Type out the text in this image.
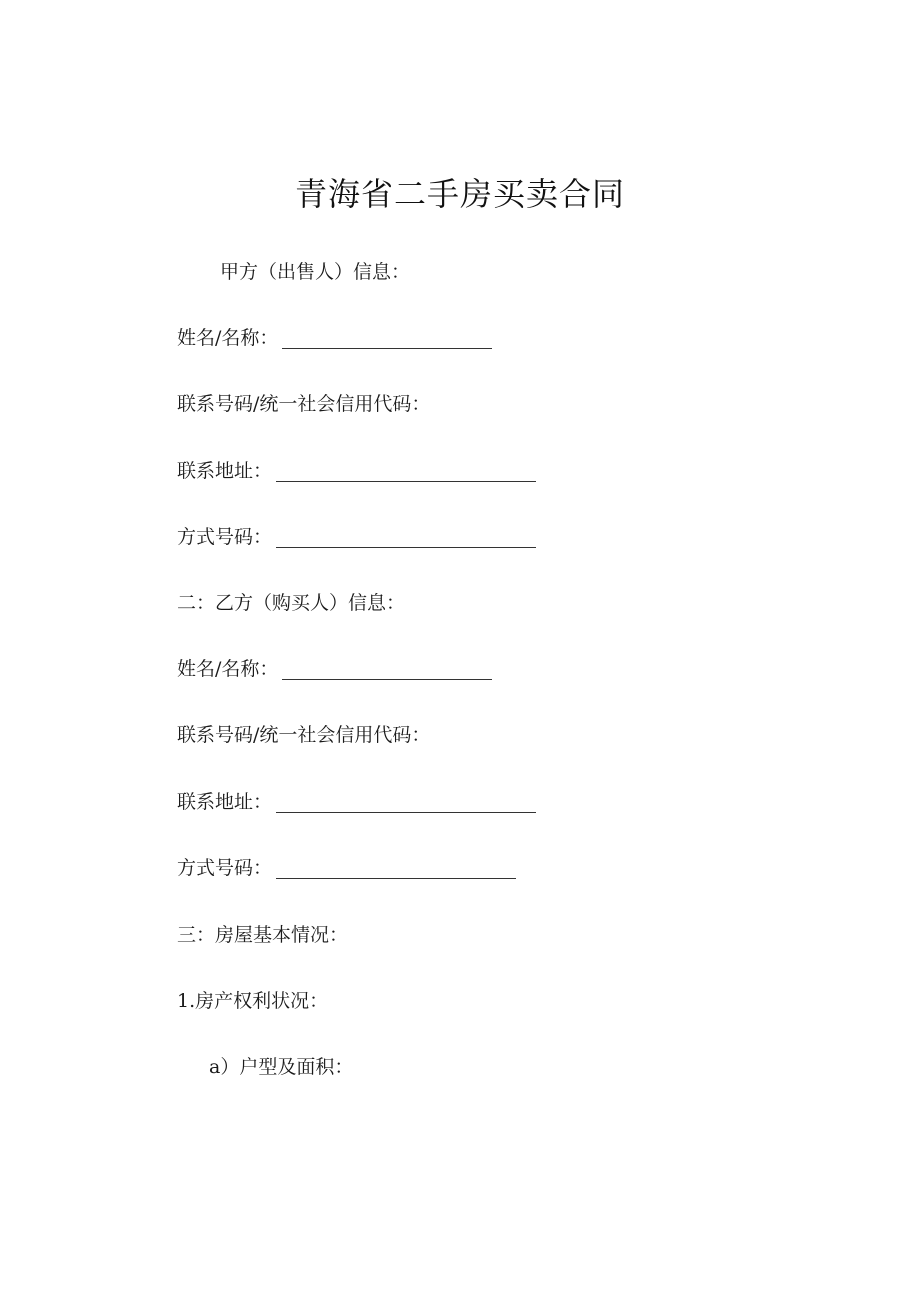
青海省二手房买卖合同
甲方（出售人）信息：
姓名/名称：
联系号码/统一社会信用代码：
联系地址：
方式号码：
二：乙方（购买人）信息：
姓名/名称：
联系号码/统一社会信用代码：
联系地址：
方式号码：
三：房屋基本情况：
1.房产权利状况：
a）户型及面积：
